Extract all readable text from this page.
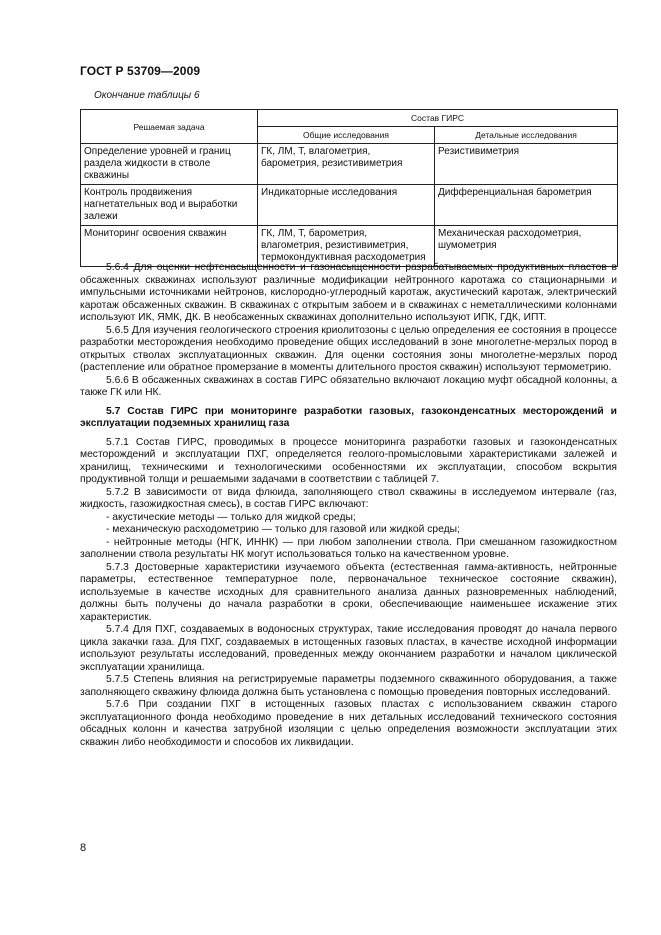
ГОСТ Р 53709—2009
Окончание таблицы 6
Решаемая задача	Состав ГИРС	
	Общие исследования	Детальные исследования
Определение уровней и границ раздела жидкости в стволе скважины	ГК, ЛМ, Т, влагометрия, барометрия, резистивиметрия	Резистивиметрия
Контроль продвижения нагнетательных вод и выработки залежи	Индикаторные исследования	Дифференциальная барометрия
Мониторинг освоения скважин	ГК, ЛМ, Т, барометрия, влагометрия, резистивиметрия, термокондуктивная расходометрия	Механическая расходометрия, шумометрия

5.6.4 Для оценки нефтенасыщенности и газонасыщенности разрабатываемых продуктивных пластов в обсаженных скважинах используют различные модификации нейтронного каротажа со стационарными и импульсными источниками нейтронов, кислородно-углеродный каротаж, акустический каротаж, электрический каротаж обсаженных скважин. В скважинах с открытым забоем и в скважинах с неметаллическими колоннами используют ИК, ЯМК, ДК. В необсаженных скважинах дополнительно используют ИПК, ГДК, ИПТ.

5.6.5 Для изучения геологического строения криолитозоны с целью определения ее состояния в процессе разработки месторождения необходимо проведение общих исследований в зоне многолетне-мерзлых пород в открытых стволах эксплуатационных скважин. Для оценки состояния зоны многолетне-мерзлых пород (растепление или обратное промерзание в моменты длительного простоя скважин) используют термометрию.

5.6.6 В обсаженных скважинах в состав ГИРС обязательно включают локацию муфт обсадной колонны, а также ГК или НК.

5.7 Состав ГИРС при мониторинге разработки газовых, газоконденсатных месторождений и эксплуатации подземных хранилищ газа

5.7.1 Состав ГИРС, проводимых в процессе мониторинга разработки газовых и газоконденсатных месторождений и эксплуатации ПХГ, определяется геолого-промысловыми характеристиками залежей и хранилищ, техническими и технологическими особенностями их эксплуатации, способом вскрытия продуктивной толщи и решаемыми задачами в соответствии с таблицей 7.

5.7.2 В зависимости от вида флюида, заполняющего ствол скважины в исследуемом интервале (газ, жидкость, газожидкостная смесь), в состав ГИРС включают:

- акустические методы — только для жидкой среды;

- механическую расходометрию — только для газовой или жидкой среды;

- нейтронные методы (НГК, ИННК) — при любом заполнении ствола. При смешанном газожидкостном заполнении ствола результаты НК могут использоваться только на качественном уровне.

5.7.3 Достоверные характеристики изучаемого объекта (естественная гамма-активность, нейтронные параметры, естественное температурное поле, первоначальное техническое состояние скважин), используемые в качестве исходных для сравнительного анализа данных разновременных наблюдений, должны быть получены до начала разработки в сроки, обеспечивающие наименьшее искажение этих характеристик.

5.7.4 Для ПХГ, создаваемых в водоносных структурах, такие исследования проводят до начала первого цикла закачки газа. Для ПХГ, создаваемых в истощенных газовых пластах, в качестве исходной информации используют результаты исследований, проведенных между окончанием разработки и началом циклической эксплуатации хранилища.

5.7.5 Степень влияния на регистрируемые параметры подземного скважинного оборудования, а также заполняющего скважину флюида должна быть установлена с помощью проведения повторных исследований.

5.7.6 При создании ПХГ в истощенных газовых пластах с использованием скважин старого эксплуатационного фонда необходимо проведение в них детальных исследований технического состояния обсадных колонн и качества затрубной изоляции с целью определения возможности эксплуатации этих скважин либо необходимости и способов их ликвидации.

8
